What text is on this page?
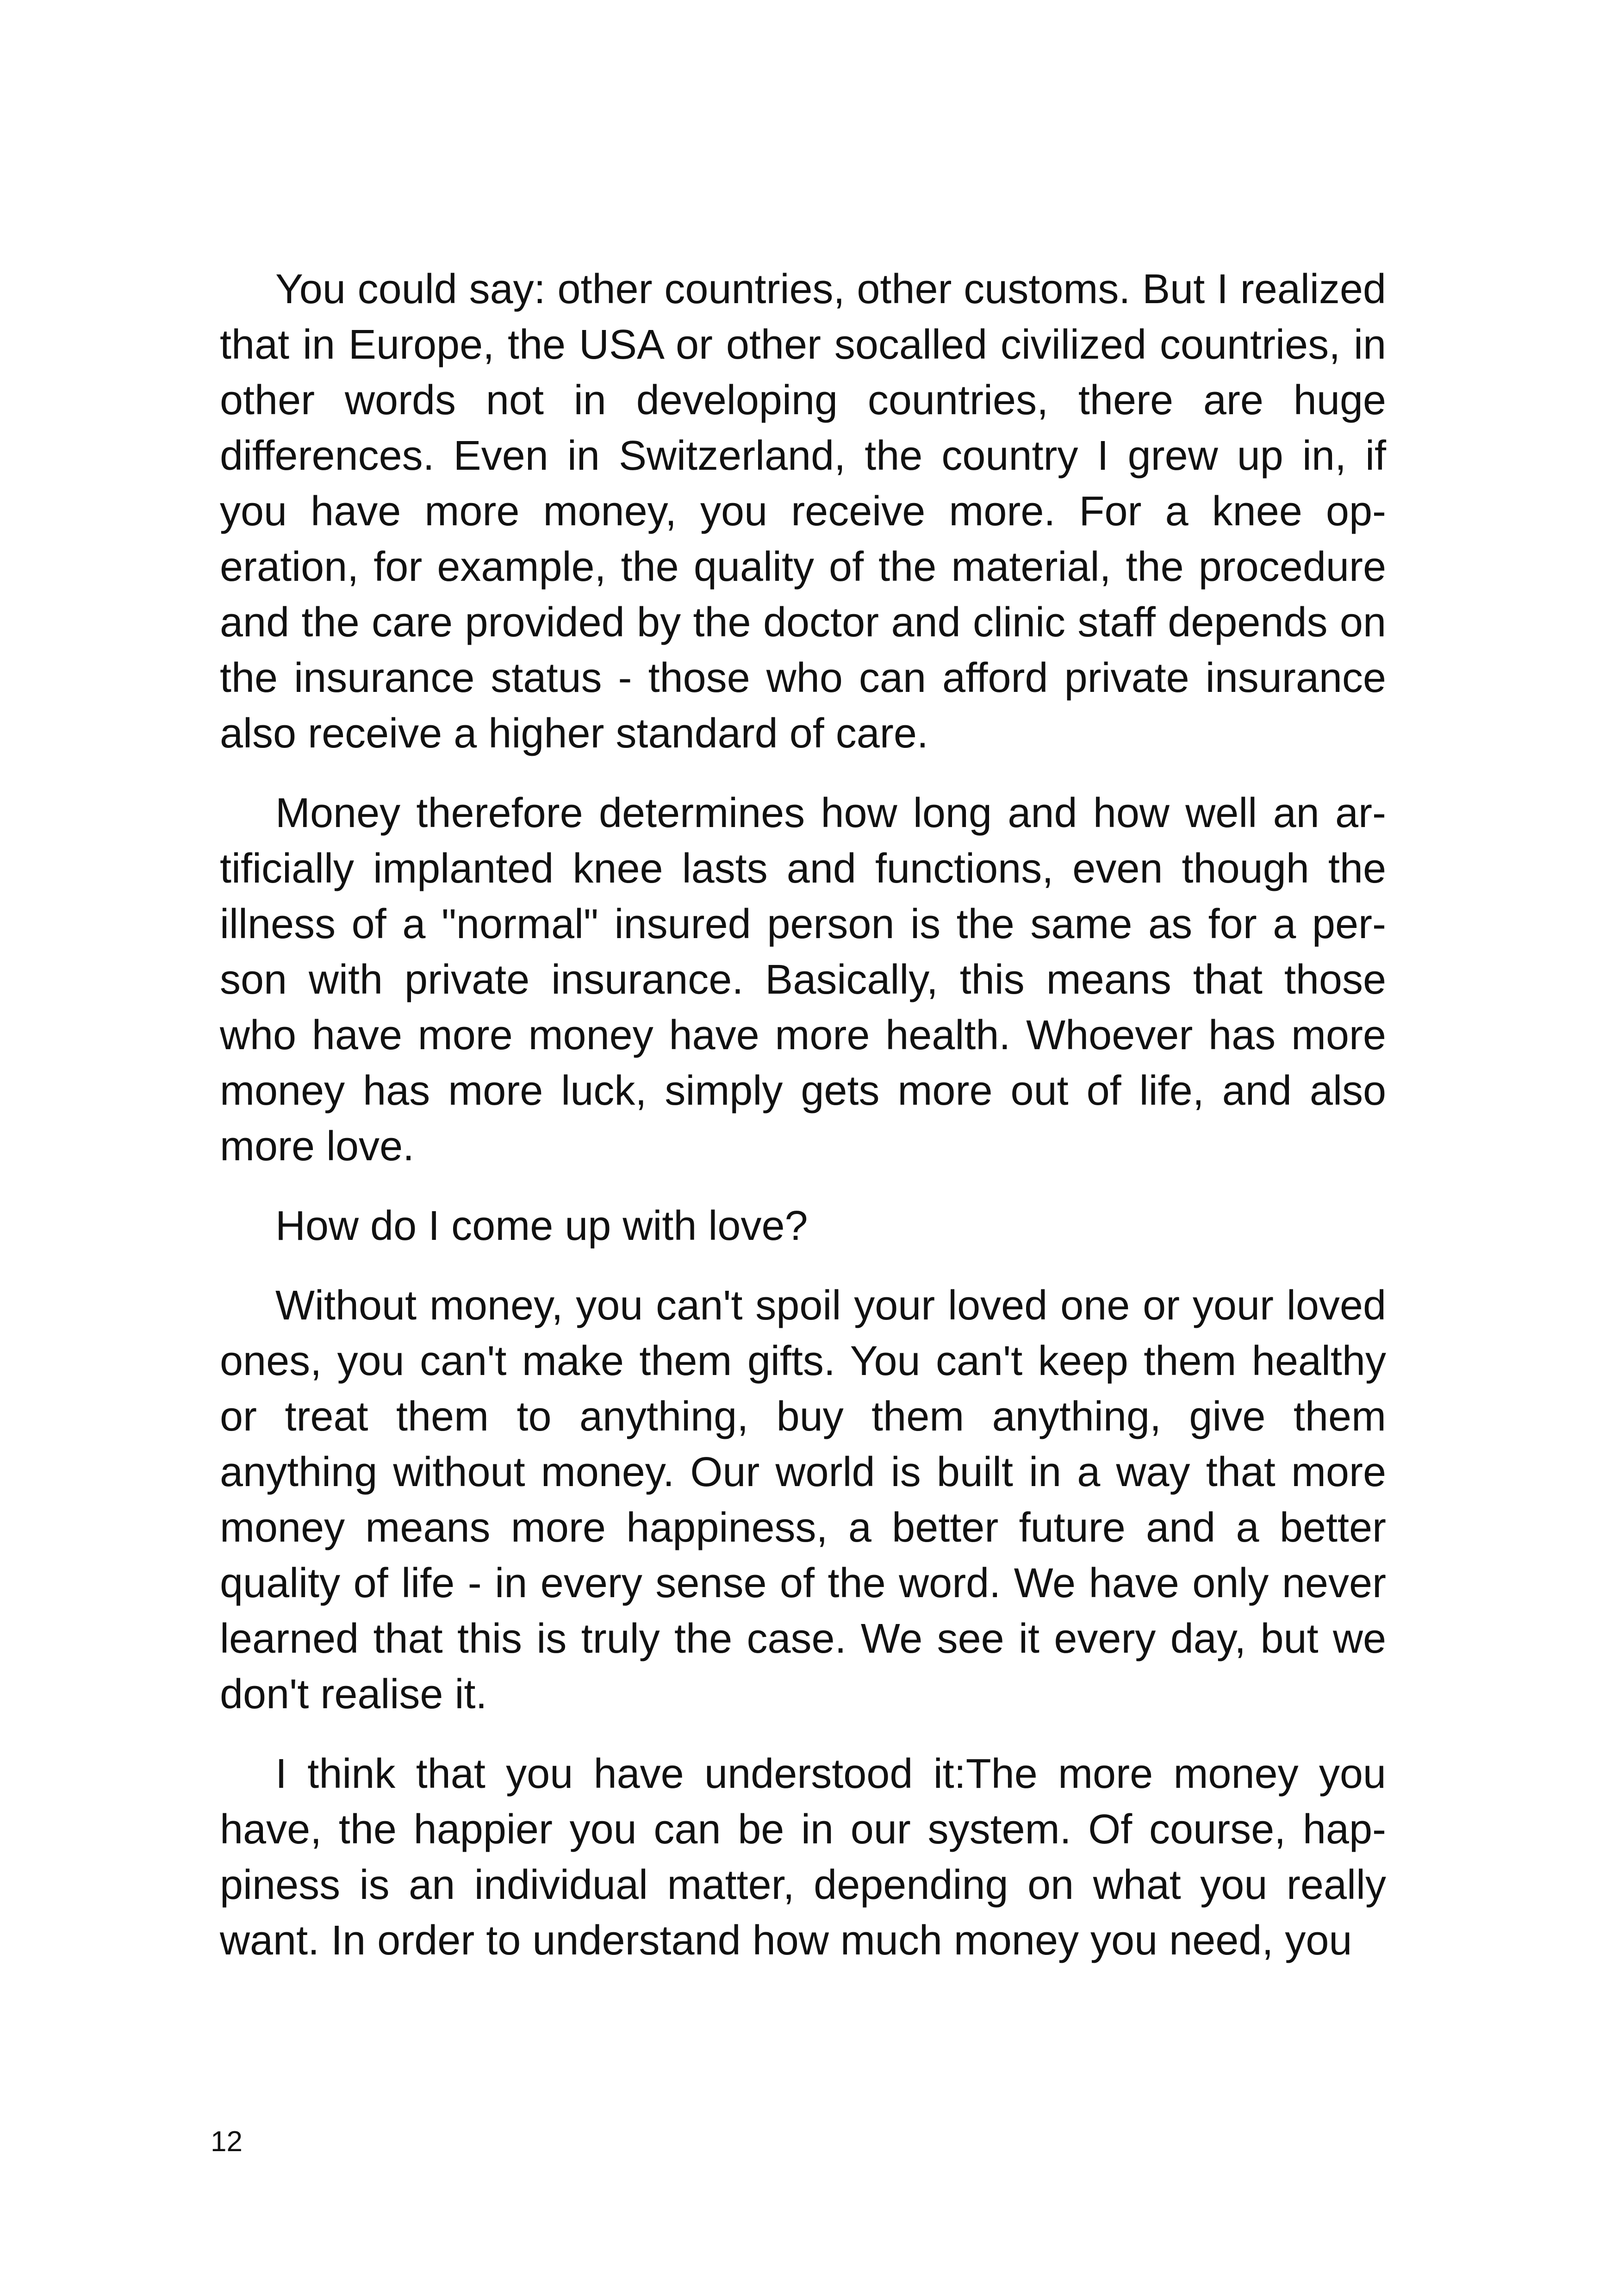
You could say: other countries, other customs. But I realized that in Europe, the USA or other socalled civilized countries, in other words not in developing countries, there are huge differences. Even in Switzerland, the country I grew up in, if you have more money, you receive more. For a knee operation, for example, the quality of the material, the procedure and the care provided by the doctor and clinic staff depends on the insurance status - those who can afford private insurance also receive a higher standard of care.

Money therefore determines how long and how well an artificially implanted knee lasts and functions, even though the illness of a "normal" insured person is the same as for a person with private insurance. Basically, this means that those who have more money have more health. Whoever has more money has more luck, simply gets more out of life, and also more love.

How do I come up with love?

Without money, you can't spoil your loved one or your loved ones, you can't make them gifts. You can't keep them healthy or treat them to anything, buy them anything, give them anything without money. Our world is built in a way that more money means more happiness, a better future and a better quality of life - in every sense of the word. We have only never learned that this is truly the case. We see it every day, but we don't realise it.

I think that you have understood it:The more money you have, the happier you can be in our system. Of course, happiness is an individual matter, depending on what you really want. In order to understand how much money you need, you

12
